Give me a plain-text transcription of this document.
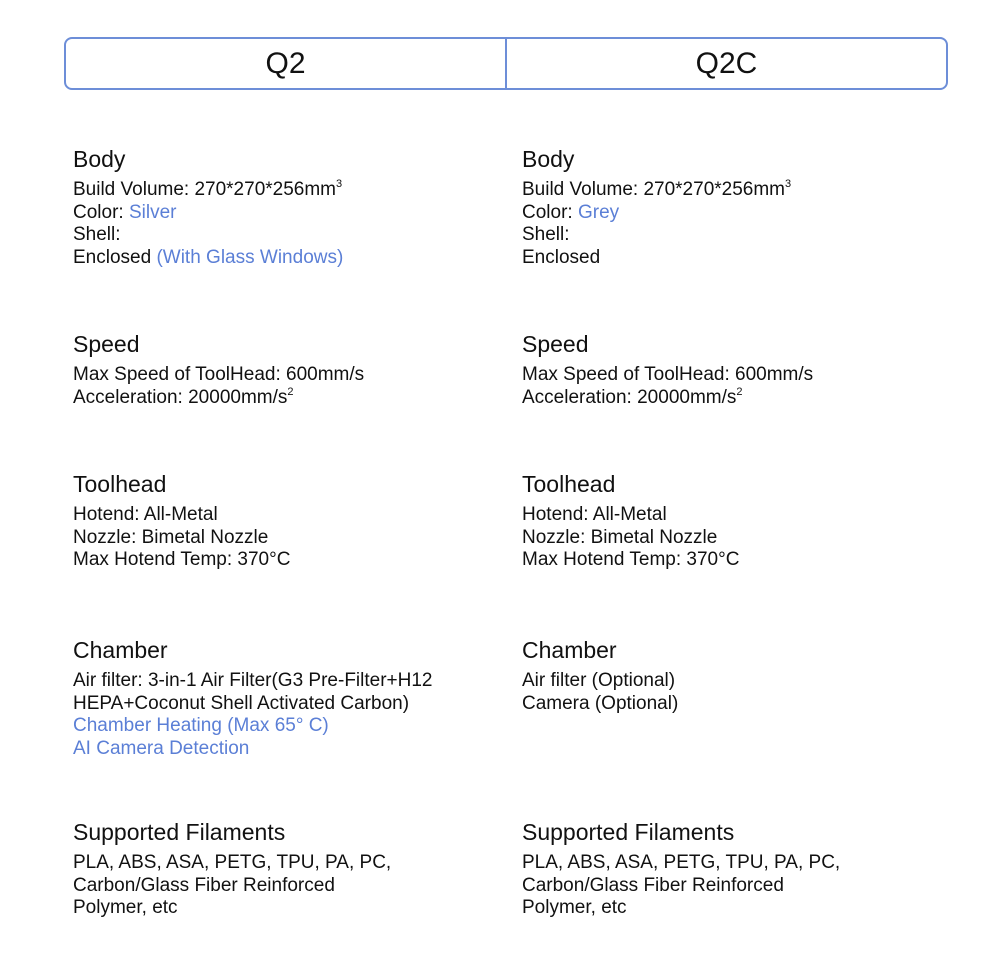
Q2	Q2C
Body
Build Volume: $270*270*256mm^3$
Color: Silver
Shell:
Enclosed (With Glass Windows)
Speed
Max Speed of ToolHead: 600mm/s
Acceleration: $20000mm/s^2$
Toolhead
Hotend: All-Metal
Nozzle: Bimetal Nozzle
Max Hotend Temp: 370°C
Chamber
Air filter: 3-in-1 Air Filter(G3 Pre-Filter+H12
HEPA+Coconut Shell Activated Carbon)
Chamber Heating (Max 65° C)
AI Camera Detection
Supported Filaments
PLA, ABS, ASA, PETG, TPU, PA, PC,
Carbon/Glass Fiber Reinforced
Polymer, etc
Body
Build Volume: $270*270*256mm^3$
Color: Grey
Shell:
Enclosed
Speed
Max Speed of ToolHead: 600mm/s
Acceleration: $20000mm/s^2$
Toolhead
Hotend: All-Metal
Nozzle: Bimetal Nozzle
Max Hotend Temp: 370°C
Chamber
Air filter (Optional)
Camera (Optional)
Supported Filaments
PLA, ABS, ASA, PETG, TPU, PA, PC,
Carbon/Glass Fiber Reinforced
Polymer, etc
